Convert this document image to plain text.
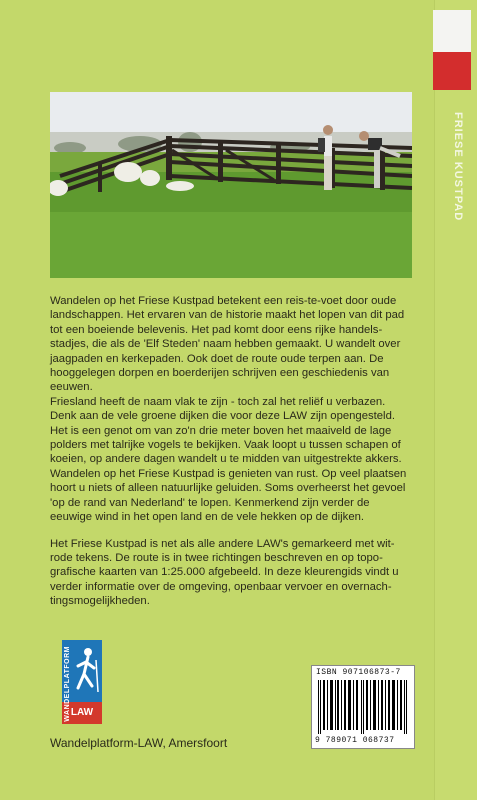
Wandelen op het Friese Kustpad betekent een reis-te-voet door oude landschappen. Het ervaren van de historie maakt het lopen van dit pad tot een boeiende belevenis. Het pad komt door eens rijke handels-stadjes, die als de 'Elf Steden' naam hebben gemaakt. U wandelt over jaagpaden en kerkepaden. Ook doet de route oude terpen aan. De hooggelegen dorpen en boerderijen schrijven een geschiedenis van eeuwen.
Friesland heeft de naam vlak te zijn - toch zal het reliëf u verbazen. Denk aan de vele groene dijken die voor deze LAW zijn opengesteld. Het is een genot om van zo'n drie meter boven het maaiveld de lage polders met talrijke vogels te bekijken. Vaak loopt u tussen schapen of koeien, op andere dagen wandelt u te midden van uitgestrekte akkers. Wandelen op het Friese Kustpad is genieten van rust. Op veel plaatsen hoort u niets of alleen natuurlijke geluiden. Soms overheerst het gevoel 'op de rand van Nederland' te lopen. Kenmerkend zijn verder de eeuwige wind in het open land en de vele hekken op de dijken.

Het Friese Kustpad is net als alle andere LAW's gemarkeerd met wit-rode tekens. De route is in twee richtingen beschreven en op topo-grafische kaarten van 1:25.000 afgebeeld. In deze kleurengids vindt u verder informatie over de omgeving, openbaar vervoer en overnach-tingsmogelijkheden.

WANDELPLATFORM LAW
Wandelplatform-LAW, Amersfoort
ISBN 907106873-7
9 789071 068737
FRIESE KUSTPAD
